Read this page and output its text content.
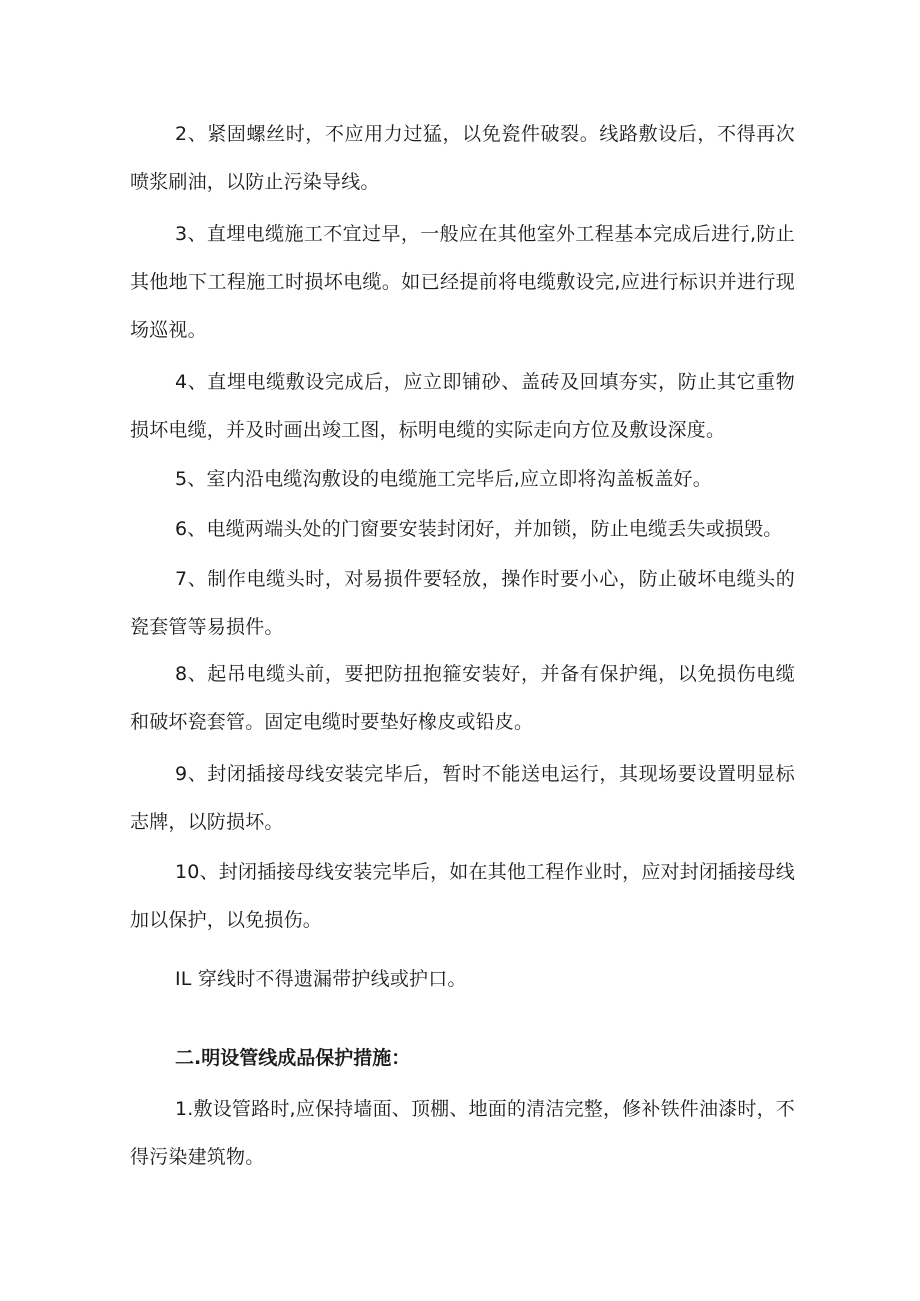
2、紧固螺丝时，不应用力过猛，以免瓷件破裂。线路敷设后，不得再次喷浆刷油，以防止污染导线。

3、直埋电缆施工不宜过早，一般应在其他室外工程基本完成后进行,防止其他地下工程施工时损坏电缆。如已经提前将电缆敷设完,应进行标识并进行现场巡视。

4、直埋电缆敷设完成后，应立即铺砂、盖砖及回填夯实，防止其它重物损坏电缆，并及时画出竣工图，标明电缆的实际走向方位及敷设深度。

5、室内沿电缆沟敷设的电缆施工完毕后,应立即将沟盖板盖好。

6、电缆两端头处的门窗要安装封闭好，并加锁，防止电缆丢失或损毁。

7、制作电缆头时，对易损件要轻放，操作时要小心，防止破坏电缆头的瓷套管等易损件。

8、起吊电缆头前，要把防扭抱箍安装好，并备有保护绳，以免损伤电缆和破坏瓷套管。固定电缆时要垫好橡皮或铅皮。

9、封闭插接母线安装完毕后，暂时不能送电运行，其现场要设置明显标志牌，以防损坏。

10、封闭插接母线安装完毕后，如在其他工程作业时，应对封闭插接母线加以保护，以免损伤。

IL 穿线时不得遗漏带护线或护口。

二.明设管线成品保护措施：

1.敷设管路时,应保持墙面、顶棚、地面的清洁完整，修补铁件油漆时，不得污染建筑物。
